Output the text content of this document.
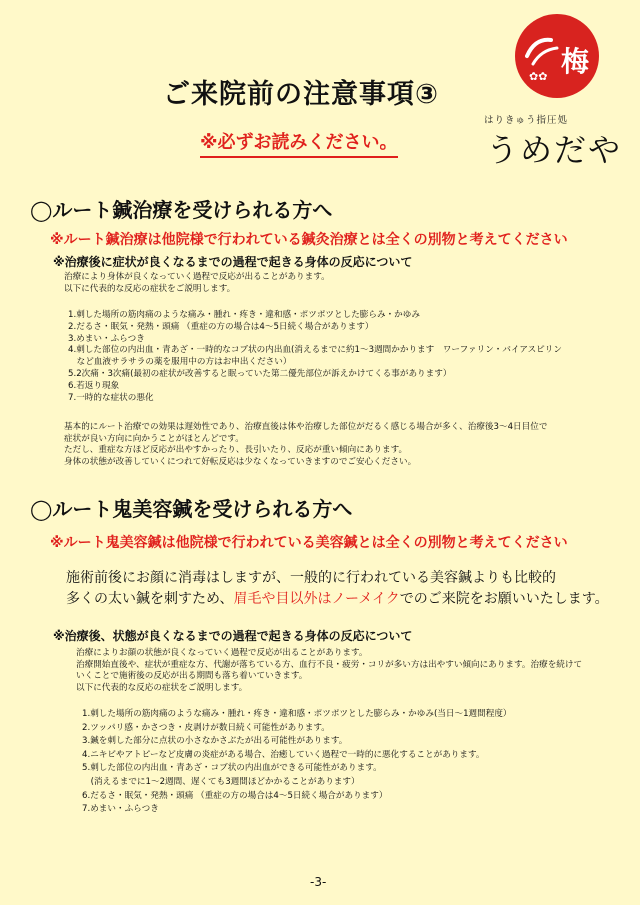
ご来院前の注意事項③
※必ずお読みください。
梅
✿✿
はりきゅう指圧処
うめだや
◯ルート鍼治療を受けられる方へ
※ルート鍼治療は他院様で行われている鍼灸治療とは全くの別物と考えてください
※治療後に症状が良くなるまでの過程で起きる身体の反応について
治療により身体が良くなっていく過程で反応が出ることがあります。
以下に代表的な反応の症状をご説明します。
1.刺した場所の筋肉痛のような痛み・腫れ・疼き・違和感・ポツポツとした膨らみ・かゆみ
2.だるさ・眠気・発熱・頭痛 （重症の方の場合は4～5日続く場合があります）
3.めまい・ふらつき
4.刺した部位の内出血・青あざ・一時的なコブ状の内出血(消えるまでに約1～3週間かかります　ワーファリン・バイアスピリン
　など血液サラサラの薬を服用中の方はお申出ください）
5.2次痛・3次痛(最初の症状が改善すると眠っていた第二優先部位が訴えかけてくる事があります）
6.若返り現象
7.一時的な症状の悪化
基本的にルート治療での効果は遅効性であり、治療直後は体や治療した部位がだるく感じる場合が多く、治療後3～4日目位で
症状が良い方向に向かうことがほとんどです。
ただし、重症な方ほど反応が出やすかったり、長引いたり、反応が重い傾向にあります。
身体の状態が改善していくにつれて好転反応は少なくなっていきますのでご安心ください。
◯ルート鬼美容鍼を受けられる方へ
※ルート鬼美容鍼は他院様で行われている美容鍼とは全くの別物と考えてください
施術前後にお顔に消毒はしますが、一般的に行われている美容鍼よりも比較的
多くの太い鍼を刺すため、眉毛や目以外はノーメイクでのご来院をお願いいたします。
※治療後、状態が良くなるまでの過程で起きる身体の反応について
治療によりお顔の状態が良くなっていく過程で反応が出ることがあります。
治療開始直後や、症状が重症な方、代謝が落ちている方、血行不良・疲労・コリが多い方は出やすい傾向にあります。治療を続けて
いくことで施術後の反応が出る期間も落ち着いていきます。
以下に代表的な反応の症状をご説明します。
1.刺した場所の筋肉痛のような痛み・腫れ・疼き・違和感・ポツポツとした膨らみ・かゆみ(当日～1週間程度）
2.ツッパリ感・かさつき・皮剥けが数日続く可能性があります。
3.鍼を刺した部分に点状の小さなかさぶたが出る可能性があります。
4.ニキビやアトピーなど皮膚の炎症がある場合、治癒していく過程で一時的に悪化することがあります。
5.刺した部位の内出血・青あざ・コブ状の内出血ができる可能性があります。
　(消えるまでに1～2週間、遅くても3週間ほどかかることがあります）
6.だるさ・眠気・発熱・頭痛 （重症の方の場合は4～5日続く場合があります）
7.めまい・ふらつき
-3-
